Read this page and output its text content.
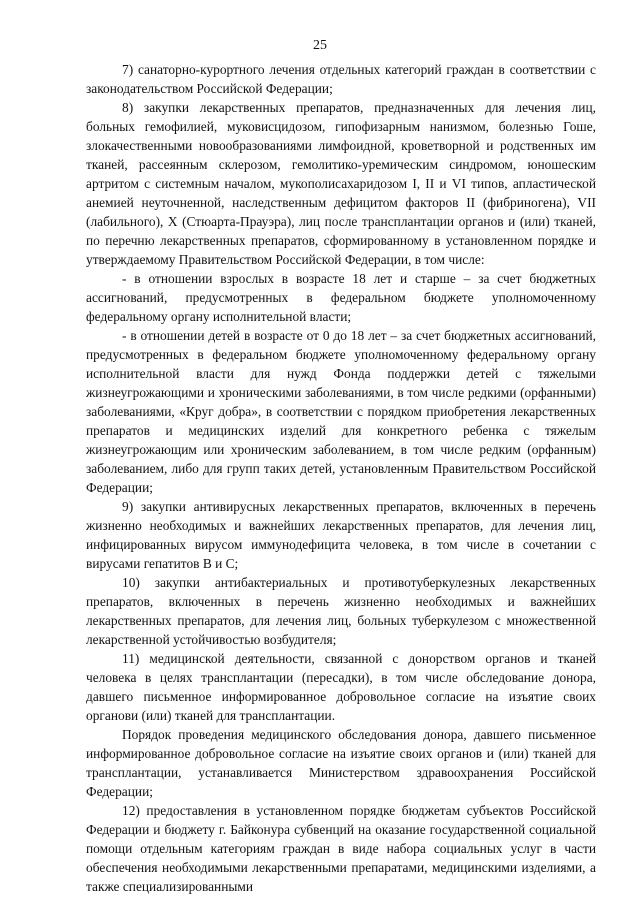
25

7) санаторно-курортного лечения отдельных категорий граждан в соответствии с законодательством Российской Федерации;

8) закупки лекарственных препаратов, предназначенных для лечения лиц, больных гемофилией, муковисцидозом, гипофизарным нанизмом, болезнью Гоше, злокачественными новообразованиями лимфоидной, кроветворной и родственных им тканей, рассеянным склерозом, гемолитико-уремическим синдромом, юношеским артритом с системным началом, мукополисахаридозом I, II и VI типов, апластической анемией неуточненной, наследственным дефицитом факторов II (фибриногена), VII (лабильного), X (Стюарта-Прауэра), лиц после трансплантации органов и (или) тканей, по перечню лекарственных препаратов, сформированному в установленном порядке и утверждаемому Правительством Российской Федерации, в том числе:

- в отношении взрослых в возрасте 18 лет и старше – за счет бюджетных ассигнований, предусмотренных в федеральном бюджете уполномоченному федеральному органу исполнительной власти;

- в отношении детей в возрасте от 0 до 18 лет – за счет бюджетных ассигнований, предусмотренных в федеральном бюджете уполномоченному федеральному органу исполнительной власти для нужд Фонда поддержки детей с тяжелыми жизнеугрожающими и хроническими заболеваниями, в том числе редкими (орфанными) заболеваниями, «Круг добра», в соответствии с порядком приобретения лекарственных препаратов и медицинских изделий для конкретного ребенка с тяжелым жизнеугрожающим или хроническим заболеванием, в том числе редким (орфанным) заболеванием, либо для групп таких детей, установленным Правительством Российской Федерации;

9) закупки антивирусных лекарственных препаратов, включенных в перечень жизненно необходимых и важнейших лекарственных препаратов, для лечения лиц, инфицированных вирусом иммунодефицита человека, в том числе в сочетании с вирусами гепатитов B и C;

10) закупки антибактериальных и противотуберкулезных лекарственных препаратов, включенных в перечень жизненно необходимых и важнейших лекарственных препаратов, для лечения лиц, больных туберкулезом с множественной лекарственной устойчивостью возбудителя;

11) медицинской деятельности, связанной с донорством органов и тканей человека в целях трансплантации (пересадки), в том числе обследование донора, давшего письменное информированное добровольное согласие на изъятие своих органови (или) тканей для трансплантации.

Порядок проведения медицинского обследования донора, давшего письменное информированное добровольное согласие на изъятие своих органов и (или) тканей для трансплантации, устанавливается Министерством здравоохранения Российской Федерации;

12) предоставления в установленном порядке бюджетам субъектов Российской Федерации и бюджету г. Байконура субвенций на оказание государственной социальной помощи отдельным категориям граждан в виде набора социальных услуг в части обеспечения необходимыми лекарственными препаратами, медицинскими изделиями, а также специализированными
